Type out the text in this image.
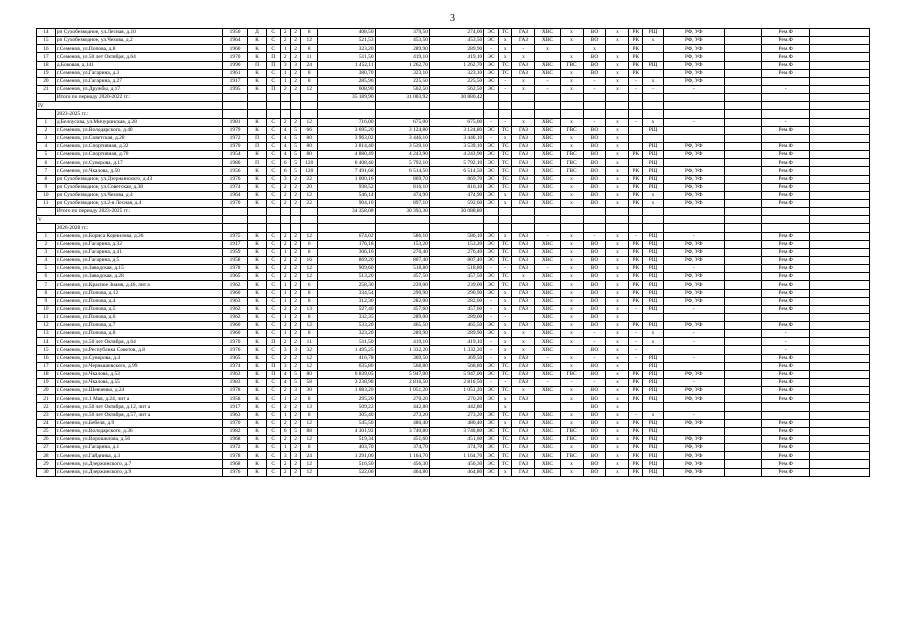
3
14	рп Сухобезводное, ул.Лесная, д.10	1950	Д	С	2	2	8	408,50	379,50	274,00	ЭС	ТС	ГАЗ	ХВС	х	ВО	х	РК	РЩ	РФ, УФ		Рем.Ф	
15	рп Сухобезводное, ул.Чехова, д.2	1964	К	С	2	2	12	521,53	453,50	453,50	ЭС	х	ГАЗ	ХВС	х	ВО	х	РК	х	РФ, УФ		Рем.Ф	
16	г.Семенов, ул.Попова, д.8	1960	К	С	1	2	8	323,20	289,90	289,90	-	х	-	х		х		РК		РФ, УФ		Рем.Ф	
17	г.Семенов, ул.50 лет Октября, д.64	1970	К	П	2	2	11	511,50	419,10	419,10	ЭС	х	х		х	ВО	х	РК		РФ, УФ		Рем.Ф	
18	д.Боковая, д.141	1990	П	П	3	3	24	1 452,11	1 262,70	1 262,70	ЭС	ТС	ГАЗ	ХВС	ГВС	ВО	х	РК	РЩ	РФ, УФ		Рем.Ф	
19	г.Семенов, ул.Гагарина, д.3	1961	К	С	1	2	8	380,70	323,10	323,10	ЭС	ТС	ГАЗ	ХВС	х	ВО	х	РК		РФ, УФ		Рем.Ф	
20	г.Семенов, ул.Гагарина, д.27	1917	К	С	1	2	8	285,96	225,50	225,50	ЭС	-	х	-	х	-	х	-	х	РФ, УФ			
21	г.Семенов, ул.Дружбы, д.17	1995	К	П	2	2	12	608,90	562,50	562,50	ЭС	-	х	-	х	-	х	-	-	-		-	
	Итого по периоду 2020-2022 гг.:							35 189,90	31 003,92	30 880,42													
IV																							
	2023-2025 гг.:																						
1	д.Белоусова, ул.Мичуринская, д.28	1981	К	С	2	2	12	716,00	675,00	675,00	-	-	х	ХВС	х	-	х	-	х	-		-	
2	г.Семенов, ул.Володарского, д.40	1979	К	С	4	5	66	3 695,20	3 124,80	3 124,80	ЭС	ТС	ГАЗ	ХВС	ГВС	ВО	х		РЩ			Рем.Ф	
3	г.Семенов, ул.Советская, д.28	1972	П	С	4	5	80	3 963,02	3 446,10	3 446,10	-	х	ГАЗ	ХВС	х	ВО	х						
4	г.Семенов, ул.Спортивная, д.32	1970	П	С	4	5	80	3 814,40	3 539,10	3 539,10	ЭС	ТС	ГАЗ	ХВС	х	ВО	х		РЩ	РФ, УФ		Рем.Ф	
5	г.Семенов, ул.Спортивная, д.70	1954	К	С	4	5	80	4 880,49	4 243,90	4 243,90	ЭС	ТС	ГАЗ	ХВС	ГВС	ВО	х	РК	РЩ	РФ, УФ		Рем.Ф	
6	г.Семенов, ул.Суворова, д.17	1980	П	С	6	5	120	6 408,40	5 792,10	5 792,10	ЭС	ТС	ГАЗ	ХВС	ГВС	ВО	х		РЩ			Рем.Ф	
7	г.Семенов, ул.Чкалова, д.50	1956	К	С	6	5	120	7 491,68	6 514,50	6 514,50	ЭС	ТС	ГАЗ	ХВС	ГВС	ВО	х	РК	РЩ	РФ, УФ		Рем.Ф	
8	рп Сухобезводное, ул.Дзержинского, д.43	1976	К	С	3	2	22	1 000,16	869,70	869,70	ЭС	ТС	ГАЗ	ХВС	х	ВО	х	РК	РЩ	РФ, УФ		Рем.Ф	
9	рп Сухобезводное, ул.Советская, д.38	1974	К	С	2	2	20	938,52	816,10	816,10	ЭС	ТС	ГАЗ	ХВС	х	ВО	х	РК	РЩ	РФ, УФ		Рем.Ф	
10	рп Сухобезводное, ул.Чехова, д.4	1964	К	С	2	2	12	546,14	474,90	474,90	ЭС	х	ГАЗ	ХВС	х	ВО	х	РК	х	РФ, УФ		Рем.Ф	
11	рп Сухобезводное, ул.2-я Лесная, д.4	1970	К	С	2	2	22	904,10	897,10	592,60	ЭС	х	ГАЗ	ХВС	х	ВО	х	РК	х	РФ, УФ		Рем.Ф	
	Итого по периоду 2023-2025 гг.:							34 358,08	30 393,30	30 088,80													
V																							
	2026-2028 гг.:																						
1	г.Семенов, ул.Бориса Корнилова, д.36	1975	К	С	2	2	12	674,02	586,10	586,10	ЭС	х	ГАЗ	-	х	-	х	-	РЩ	-		Рем.Ф	
2	г.Семенов, ул.Гагарина, д.32	1917	К	С	2	2	6	176,18	153,20	153,20	ЭС	ТС	ГАЗ	ХВС	х	ВО	х	РК	РЩ	РФ, УФ		Рем.Ф	
3	г.Семенов, ул.Гагарина, д.41	1959	К	С	1	2	8	306,10	276,40	276,40	ЭС	ТС	ГАЗ	ХВС	х	ВО	х	РК	РЩ	РФ, УФ		Рем.Ф	
4	г.Семенов, ул.Гагарина, д.5	1958	К	С	2	2	16	869,20	807,40	807,40	ЭС	ТС	ГАЗ	ХВС	х	ВО	х	РК	РЩ	РФ, УФ		Рем.Ф	
5	г.Семенов, ул.Заводская, д.15	1978	К	С	2	2	12	909,60	518,80	518,80	-	-	ГАЗ	-	х	ВО	х	РК	РЩ	-		Рем.Ф	
6	г.Семенов, ул.Заводская, д.28	1965	К	С	2	2	12	513,20	457,50	457,50	ЭС	ТС	х	ХВС	х	ВО	х	РК	РЩ	РФ, УФ		Рем.Ф	
7	г.Семенов, ул.Красное Знамя, д.46, лит а	1962	К	С	1	2	6	258,30	239,00	239,00	ЭС	ТС	ГАЗ	ХВС	х	ВО	х	РК	РЩ	РФ, УФ		Рем.Ф	
8	г.Семенов, ул.Попова, д.12	1960	К	С	1	2	8	334,54	290,90	290,90	ЭС	х	ГАЗ	ХВС	х	ВО	х	РК	РЩ	РФ, УФ		Рем.Ф	
9	г.Семенов, ул.Попова, д.4	1963	К	С	1	2	8	312,30	282,00	282,00	-	х	ГАЗ	ХВС	х	ВО	х	РК	РЩ	РФ, УФ		Рем.Ф	
10	г.Семенов, ул.Попова, д.5	1962	К	С	2	2	13	527,40	457,60	457,60	-	х	ГАЗ	ХВС	х	ВО	х	-	РЩ	-		Рем.Ф	
11	г.Семенов, ул.Попова, д.6	1962	К	С	1	2	8	332,35	289,00	289,00	-	-		ХВС	х	ВО	х						
12	г.Семенов, ул.Попова, д.7	1960	К	С	2	2	12	533,20	465,50	465,50	ЭС	х	ГАЗ	ХВС	х	ВО	х	РК	РЩ	РФ, УФ		Рем.Ф	
13	г.Семенов, ул.Попова, д.8	1960	К	С	1	2	8	323,20	289,90	289,90	ЭС	х	х	ХВС	х	-	х	-	х	-		-	
14	г.Семенов, ул.50 лет Октября, д.64	1970	К	П	2	2	11	511,50	419,10	419,10	-	х	х	ХВС	х	-	х	-	х	-		-	
15	г.Семенов, ул.Республика Советов, д.8	1976	К	С	3	3	32	1 495,25	1 332,20	1 332,20	-	х	х	ХВС		ВО	х	-				-	
16	г.Семенов, ул.Суворова, д.4	1965	К	С	2	2	12	416,78	369,50	369,50	-	х	ГАЗ	-	х	-	х	-	РЩ	-		Рем.Ф	
17	г.Семенов, ул.Чернышевского, д.99	1974	К	П	3	2	12	635,80	568,80	568,80	ЭС	ТС	ГАЗ	ХВС	х	ВО	х		РЩ			Рем.Ф	
18	г.Семенов, ул.Чкалова, д.53	1963	К	П	4	5	80	6 839,05	5 947,00	5 947,00	ЭС	ТС	ГАЗ	ХВС	ГВС	ВО	х	РК	РЩ	РФ, УФ		Рем.Ф	
19	г.Семенов, ул.Чкалова, д.55	1983	К	С	4	5	58	3 238,98	2 816,50	2 816,50	-	-	ГАЗ	-	-	-	х	РК	РЩ	-		Рем.Ф	
20	г.Семенов, ул.Шевченко, д.24	1978	К	С	2	3	30	1 083,20	1 051,20	1 051,20	ЭС	ТС	х	ХВС	х	ВО	х	РК	РЩ	РФ, УФ		Рем.Ф	
21	г.Семенов, ул.1 Мая, д.24, лит а	1958	К	С	1	2	8	295,20	270,20	270,20	ЭС	х	ГАЗ		х	ВО	х	РК	РЩ	РФ, УФ		Рем.Ф	
22	г.Семенов, ул.50 лет Октября, д.12, лит а	1917	К	С	2	2	13	509,22	442,80	442,80		х				ВО	х						
23	г.Семенов, ул.50 лет Октября, д.57, лит а	1963	К	С	1	2	8	305,40	273,20	273,20	ЭС	ТС	ГАЗ	ХВС	х	ВО	х	-	х	-			
24	г.Семенов, ул.Бебеля, д.9	1970	К	С	2	2	12	545,50	480,40	480,40	ЭС	х	ГАЗ	ХВС	х	ВО	х	РК	РЩ	РФ, УФ		Рем.Ф	
25	г.Семенов, ул.Володарского, д.36	1982	К	С	6	5	88	4 301,92	3 740,80	3 740,80	ЭС	ТС	ГАЗ	ХВС	ГВС	ВО	х	РК	РЩ			Рем.Ф	
26	г.Семенов, ул.Ворошилова, д.56	1968	К	С	2	2	12	519,34	451,60	451,60	ЭС	ТС	ГАЗ	ХВС	ГВС	ВО	х	РК	РЩ	РФ, УФ		Рем.Ф	
27	г.Семенов, ул.Гагарина, д.1	1972	К	С	1	2	8	403,70	374,70	374,70	ЭС	ТС	ГАЗ	ХВС	х	ВО	х	РК	РЩ	РФ, УФ		Рем.Ф	
28	г.Семенов, ул.Гайдника, д.3	1978	К	С	3	3	24	1 291,00	1 164,70	1 164,70	ЭС	ТС	ГАЗ	ХВС	ГВС	ВО	х	РК	РЩ	РФ, УФ		Рем.Ф	
29	г.Семенов, ул.Дзержинского, д.7	1968	К	С	2	2	12	516,50	456,30	456,30	ЭС	ТС	ГАЗ	ХВС	х	ВО	х	РК	РЩ	РФ, УФ		Рем.Ф	
30	г.Семенов, ул.Дзержинского, д.9	1976	К	С	2	2	12	522,00	464,80	464,80	ЭС	х	ГАЗ	ХВС	х	ВО	х	РК	РЩ	РФ, УФ		Рем.Ф	
